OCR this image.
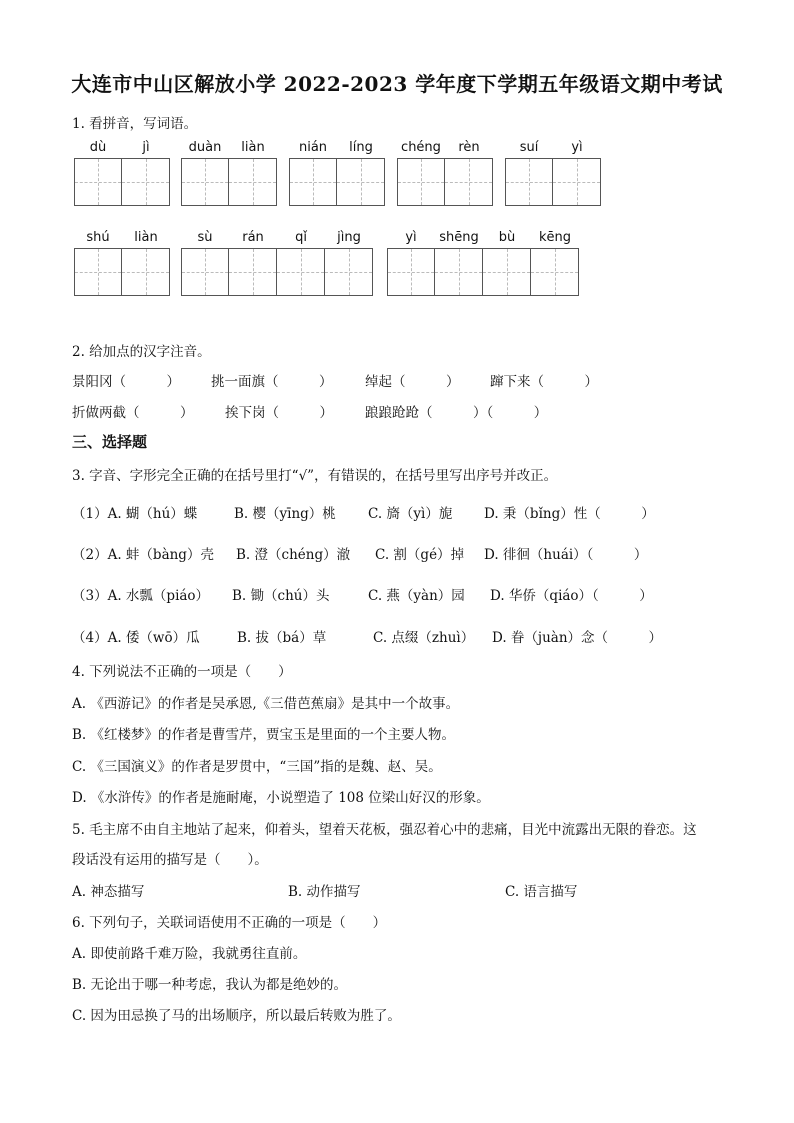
大连市中山区解放小学 2022-2023 学年度下学期五年级语文期中考试
1. 看拼音，写词语。
dù	jì	duàn	liàn	nián	líng	chéng	rèn	suí	yì
shú	liàn	sù	rán	qǐ	jìng	yì	shēng	bù	kēng
2. 给加点的汉字注音。
景阳冈（　　　） 挑一面旗（　　　） 绰起（　　　） 蹿下来（　　　）
折做两截（　　　） 挨下岗（　　　） 踉踉跄跄（　　　）（　　　）
三、选择题
3. 字音、字形完全正确的在括号里打“√”，有错误的，在括号里写出序号并改正。
（1）A. 蝴（hú）蝶	B. 樱（yīng）桃 C. 旖（yì）旎 D. 秉（bǐng）性（　　　）
（2）A. 蚌（bàng）壳 B. 澄（chéng）澈 C. 割（gé）掉 D. 徘徊（huái）（　　　）
（3）A. 水瓢（piáo） B. 锄（chú）头	C. 燕（yàn）园 D. 华侨（qiáo）（　　　）
（4）A. 倭（wō）瓜	B. 拔（bá）草	C. 点缀（zhuì） D. 眷（juàn）念（　　　）
4. 下列说法不正确的一项是（　　）
A. 《西游记》的作者是吴承恩,《三借芭蕉扇》是其中一个故事。
B. 《红楼梦》的作者是曹雪芹，贾宝玉是里面的一个主要人物。
C. 《三国演义》的作者是罗贯中，“三国”指的是魏、赵、吴。
D. 《水浒传》的作者是施耐庵，小说塑造了 108 位梁山好汉的形象。
5. 毛主席不由自主地站了起来，仰着头，望着天花板，强忍着心中的悲痛，目光中流露出无限的眷恋。这
段话没有运用的描写是（　　）。
A. 神态描写	B. 动作描写	C. 语言描写
6. 下列句子，关联词语使用不正确的一项是（　　）
A. 即使前路千难万险，我就勇往直前。
B. 无论出于哪一种考虑，我认为都是绝妙的。
C. 因为田忌换了马的出场顺序，所以最后转败为胜了。
